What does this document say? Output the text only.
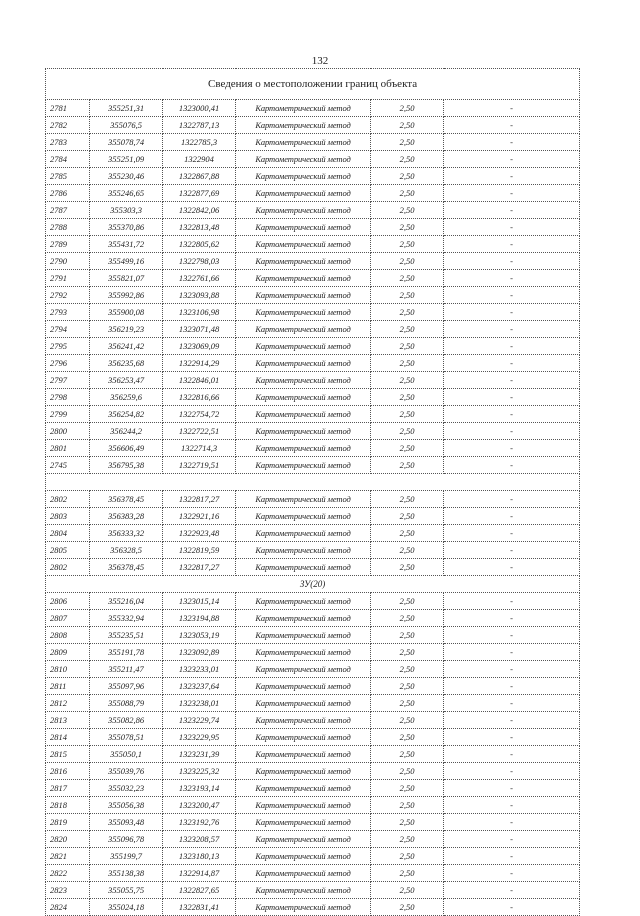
132
Сведения о местоположении границ объекта					
2781	355251,31	1323000,41	Картометрический метод	2,50	-
2782	355076,5	1322787,13	Картометрический метод	2,50	-
2783	355078,74	1322785,3	Картометрический метод	2,50	-
2784	355251,09	1322904	Картометрический метод	2,50	-
2785	355230,46	1322867,88	Картометрический метод	2,50	-
2786	355246,65	1322877,69	Картометрический метод	2,50	-
2787	355303,3	1322842,06	Картометрический метод	2,50	-
2788	355370,86	1322813,48	Картометрический метод	2,50	-
2789	355431,72	1322805,62	Картометрический метод	2,50	-
2790	355499,16	1322798,03	Картометрический метод	2,50	-
2791	355821,07	1322761,66	Картометрический метод	2,50	-
2792	355992,86	1323093,88	Картометрический метод	2,50	-
2793	355900,08	1323106,98	Картометрический метод	2,50	-
2794	356219,23	1323071,48	Картометрический метод	2,50	-
2795	356241,42	1323069,09	Картометрический метод	2,50	-
2796	356235,68	1322914,29	Картометрический метод	2,50	-
2797	356253,47	1322846,01	Картометрический метод	2,50	-
2798	356259,6	1322816,66	Картометрический метод	2,50	-
2799	356254,82	1322754,72	Картометрический метод	2,50	-
2800	356244,2	1322722,51	Картометрический метод	2,50	-
2801	356606,49	1322714,3	Картометрический метод	2,50	-
2745	356795,38	1322719,51	Картометрический метод	2,50	-

2802	356378,45	1322817,27	Картометрический метод	2,50	-
2803	356383,28	1322921,16	Картометрический метод	2,50	-
2804	356333,32	1322923,48	Картометрический метод	2,50	-
2805	356328,5	1322819,59	Картометрический метод	2,50	-
2802	356378,45	1322817,27	Картометрический метод	2,50	-
ЗУ(20)					
2806	355216,04	1323015,14	Картометрический метод	2,50	-
2807	355332,94	1323194,88	Картометрический метод	2,50	-
2808	355235,51	1323053,19	Картометрический метод	2,50	-
2809	355191,78	1323092,89	Картометрический метод	2,50	-
2810	355211,47	1323233,01	Картометрический метод	2,50	-
2811	355097,96	1323237,64	Картометрический метод	2,50	-
2812	355088,79	1323238,01	Картометрический метод	2,50	-
2813	355082,86	1323229,74	Картометрический метод	2,50	-
2814	355078,51	1323229,95	Картометрический метод	2,50	-
2815	355050,1	1323231,39	Картометрический метод	2,50	-
2816	355039,76	1323225,32	Картометрический метод	2,50	-
2817	355032,23	1323193,14	Картометрический метод	2,50	-
2818	355056,38	1323200,47	Картометрический метод	2,50	-
2819	355093,48	1323192,76	Картометрический метод	2,50	-
2820	355096,78	1323208,57	Картометрический метод	2,50	-
2821	355199,7	1323180,13	Картометрический метод	2,50	-
2822	355138,38	1322914,87	Картометрический метод	2,50	-
2823	355055,75	1322827,65	Картометрический метод	2,50	-
2824	355024,18	1322831,41	Картометрический метод	2,50	-
